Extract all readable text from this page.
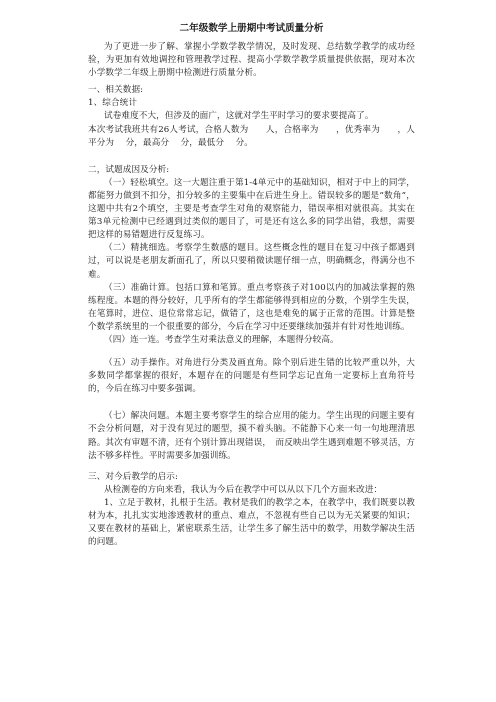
二年级数学上册期中考试质量分析

为了更进一步了解、掌握小学数学教学情况，及时发现、总结数学教学的成功经验，为更加有效地调控和管理教学过程、提高小学数学教学质量提供依据，现对本次小学数学二年级上册期中检测进行质量分析。

一、相关数据:

1、综合统计

试卷难度不大，但涉及的面广，这就对学生平时学习的要求要提高了。

本次考试我班共有26人考试，合格人数为　　人，合格率为　　，优秀率为　　，人平分为　 分，最高分　 分，最低分　 分。

二，试题成因及分析:

（一）轻松填空。这一大题注重于第1-4单元中的基础知识，相对于中上的同学，都能努力做到不扣分，扣分较多的主要集中在后进生身上。错误较多的题是“数角”，这题中共有2个填空，主要是考查学生对角的观察能力，错误率相对就很高。其实在第3单元检测中已经遇到过类似的题目了，可是还有这么多的同学出错，我想，需要把这样的易错题进行反复练习。

（二）精挑细选。考察学生数感的题目。这些概念性的题目在复习中孩子都遇到过，可以说是老朋友新面孔了，所以只要稍微读题仔细一点，明确概念，得满分也不难。

（三）准确计算。包括口算和笔算。重点考察孩子对100以内的加减法掌握的熟练程度。本题的得分较好，几乎所有的学生都能够得到相应的分数，个别学生失误，在笔算时，进位、退位常常忘记，做错了，这也是难免的属于正常的范围。计算是整个数学系统里的一个很重要的部分，今后在学习中还要继续加强并有针对性地训练。

（四）连一连。考查学生对乘法意义的理解，本题得分较高。

（五）动手操作。对角进行分类及画直角。除个别后进生错的比较严重以外，大多数同学都掌握的很好，本题存在的问题是有些同学忘记直角一定要标上直角符号的，今后在练习中要多强调。

（七）解决问题。本题主要考察学生的综合应用的能力。学生出现的问题主要有不会分析问题，对于没有见过的题型，摸不着头脑。不能静下心来一句一句地理清思路。其次有审题不清，还有个别计算出现错误，　而反映出学生遇到难题不够灵活，方法不够多样性。平时需要多加强训练。

三、对今后教学的启示:

从检测卷的方向来看，我认为今后在教学中可以从以下几个方面来改进：

1、立足于教材，扎根于生活。教材是我们的教学之本，在教学中，我们既要以教材为本，扎扎实实地渗透教材的重点、难点，不忽视有些自己以为无关紧要的知识；又要在教材的基础上，紧密联系生活，让学生多了解生活中的数学，用数学解决生活的问题。
